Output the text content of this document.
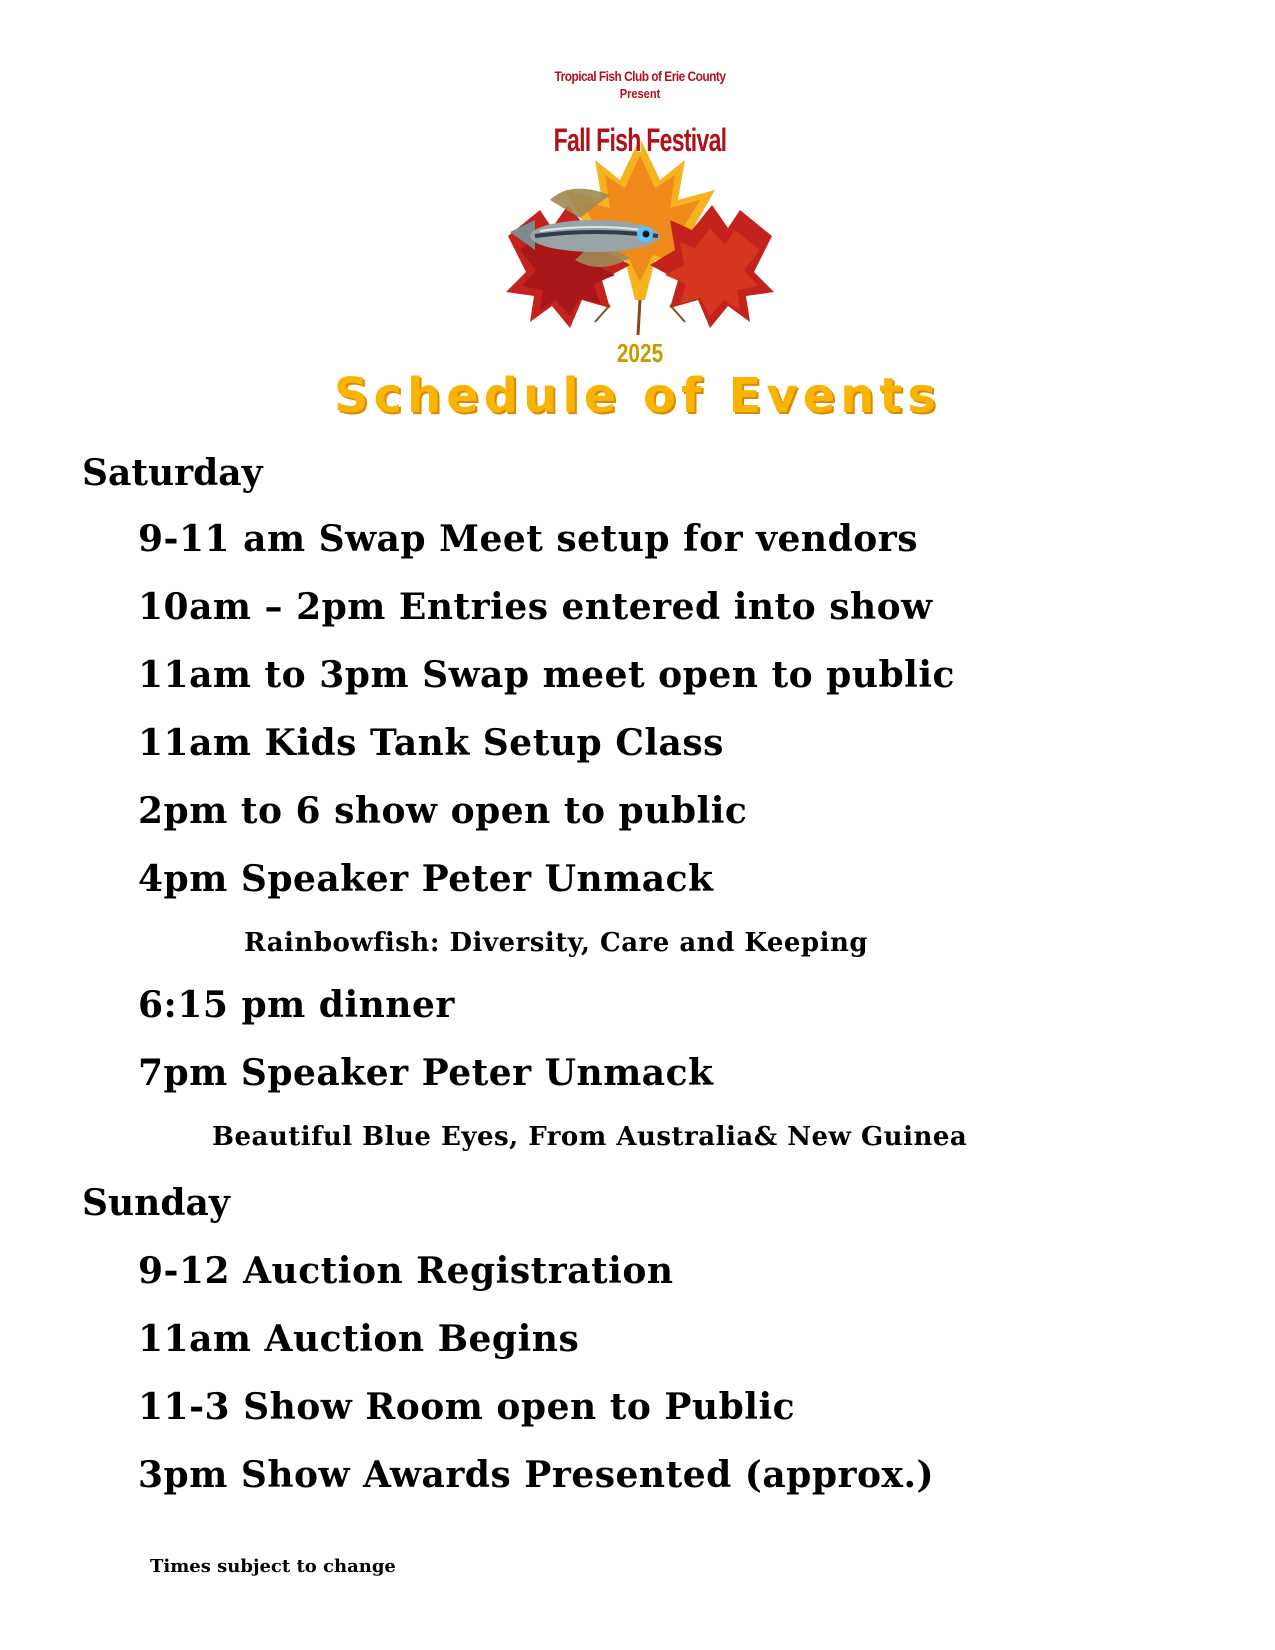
Tropical Fish Club of Erie County
Present
Fall Fish Festival
2025
Schedule of Events
Saturday
9-11 am Swap Meet setup for vendors
10am – 2pm Entries entered into show
11am to 3pm Swap meet open to public
11am Kids Tank Setup Class
2pm to 6 show open to public
4pm Speaker Peter Unmack
Rainbowfish: Diversity, Care and Keeping
6:15 pm dinner
7pm Speaker Peter Unmack
Beautiful Blue Eyes, From Australia& New Guinea
Sunday
9-12 Auction Registration
11am Auction Begins
11-3 Show Room open to Public
3pm Show Awards Presented (approx.)
Times subject to change
